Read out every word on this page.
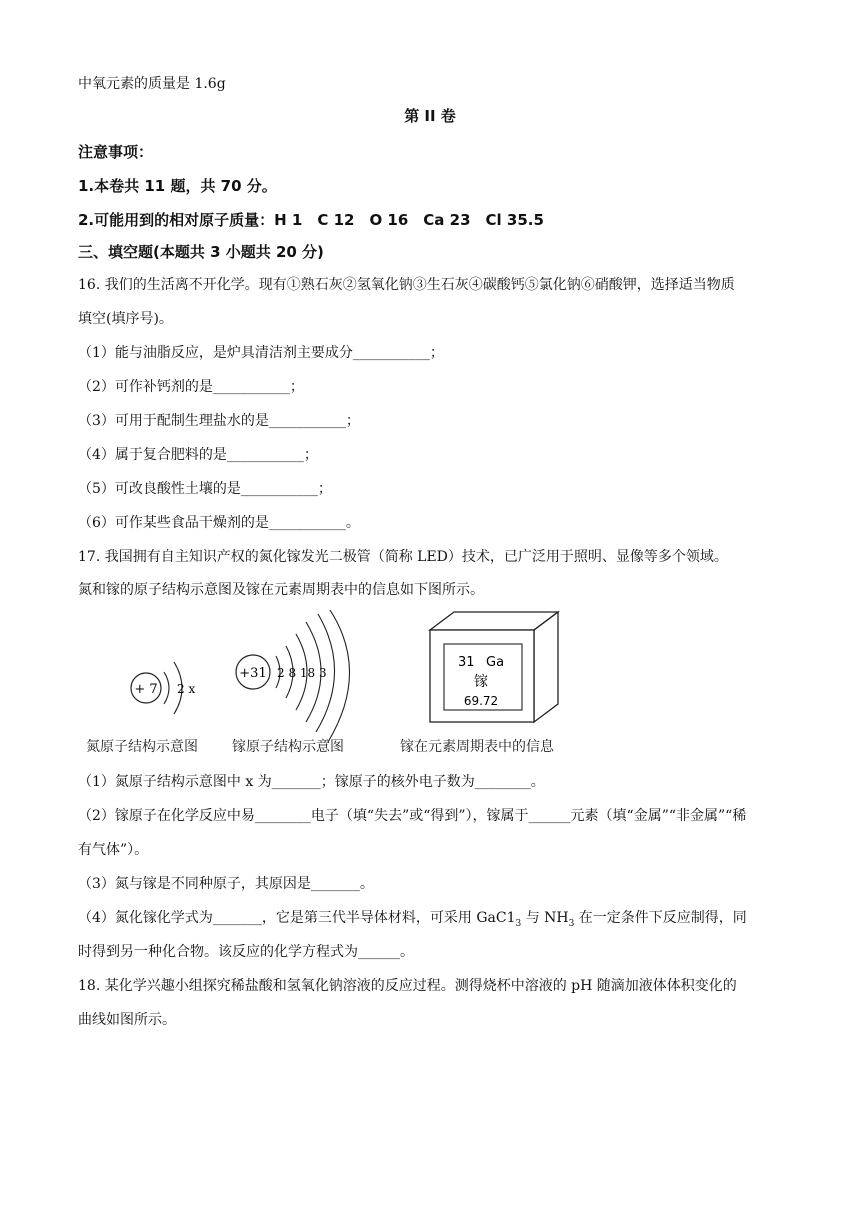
中氧元素的质量是 1.6g
第 II 卷
注意事项：
1.本卷共 11 题，共 70 分。
2.可能用到的相对原子质量：H 1　C 12　O 16　Ca 23　Cl 35.5
三、填空题(本题共 3 小题共 20 分)
16. 我们的生活离不开化学。现有①熟石灰②氢氧化钠③生石灰④碳酸钙⑤氯化钠⑥硝酸钾，选择适当物质
填空(填序号)。
（1）能与油脂反应，是炉具清洁剂主要成分___________；
（2）可作补钙剂的是___________；
（3）可用于配制生理盐水的是___________；
（4）属于复合肥料的是___________；
（5）可改良酸性土壤的是___________；
（6）可作某些食品干燥剂的是___________。
17. 我国拥有自主知识产权的氮化镓发光二极管（简称 LED）技术，已广泛用于照明、显像等多个领域。
氮和镓的原子结构示意图及镓在元素周期表中的信息如下图所示。
+ 7 2 x
+31 2 8 18 3
31 Ga
镓
69.72
氮原子结构示意图 镓原子结构示意图	镓在元素周期表中的信息
（1）氮原子结构示意图中 x 为_______；镓原子的核外电子数为________。
（2）镓原子在化学反应中易________电子（填“失去”或“得到”），镓属于______元素（填“金属”“非金属”“稀
有气体”）。
（3）氮与镓是不同种原子，其原因是_______。
（4）氮化镓化学式为_______，它是第三代半导体材料，可采用 $GaC1_3$ 与 $NH_3$ 在一定条件下反应制得，同
时得到另一种化合物。该反应的化学方程式为______。
18. 某化学兴趣小组探究稀盐酸和氢氧化钠溶液的反应过程。测得烧杯中溶液的 pH 随滴加液体体积变化的
曲线如图所示。
